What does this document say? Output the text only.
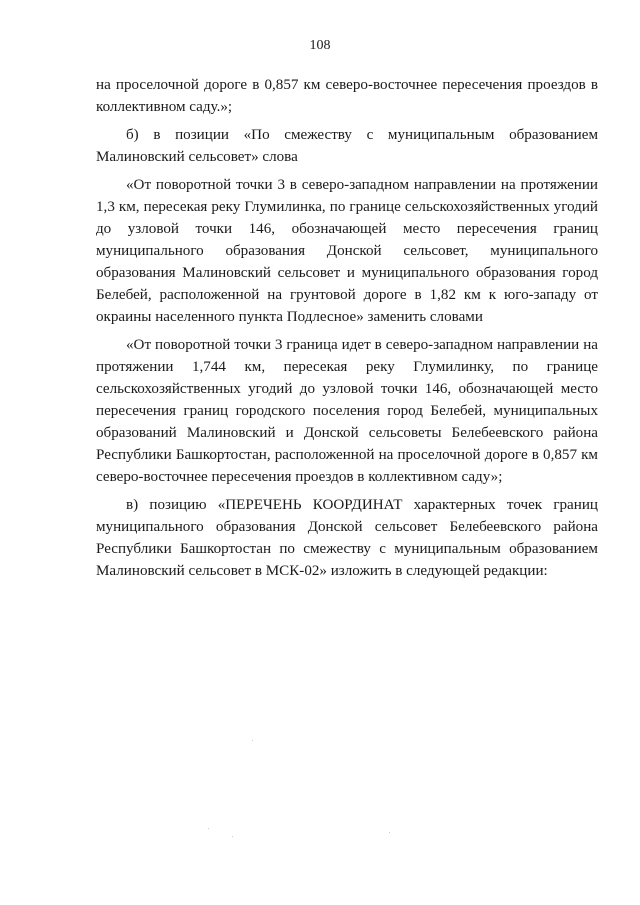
108

на проселочной дороге в 0,857 км северо-восточнее пересечения проездов в коллективном саду.»;

б) в позиции «По смежеству с муниципальным образованием Малиновский сельсовет» слова

«От поворотной точки 3 в северо-западном направлении на протяжении 1,3 км, пересекая реку Глумилинка, по границе сельскохозяйственных угодий до узловой точки 146, обозначающей место пересечения границ муниципального образования Донской сельсовет, муниципального образования Малиновский сельсовет и муниципального образования город Белебей, расположенной на грунтовой дороге в 1,82 км к юго-западу от окраины населенного пункта Подлесное» заменить словами

«От поворотной точки 3 граница идет в северо-западном направлении на протяжении 1,744 км, пересекая реку Глумилинку, по границе сельскохозяйственных угодий до узловой точки 146, обозначающей место пересечения границ городского поселения город Белебей, муниципальных образований Малиновский и Донской сельсоветы Белебеевского района Республики Башкортостан, расположенной на проселочной дороге в 0,857 км северо-восточнее пересечения проездов в коллективном саду»;

в) позицию «ПЕРЕЧЕНЬ КООРДИНАТ характерных точек границ муниципального образования Донской сельсовет Белебеевского района Республики Башкортостан по смежеству с муниципальным образованием Малиновский сельсовет в МСК-02» изложить в следующей редакции:
